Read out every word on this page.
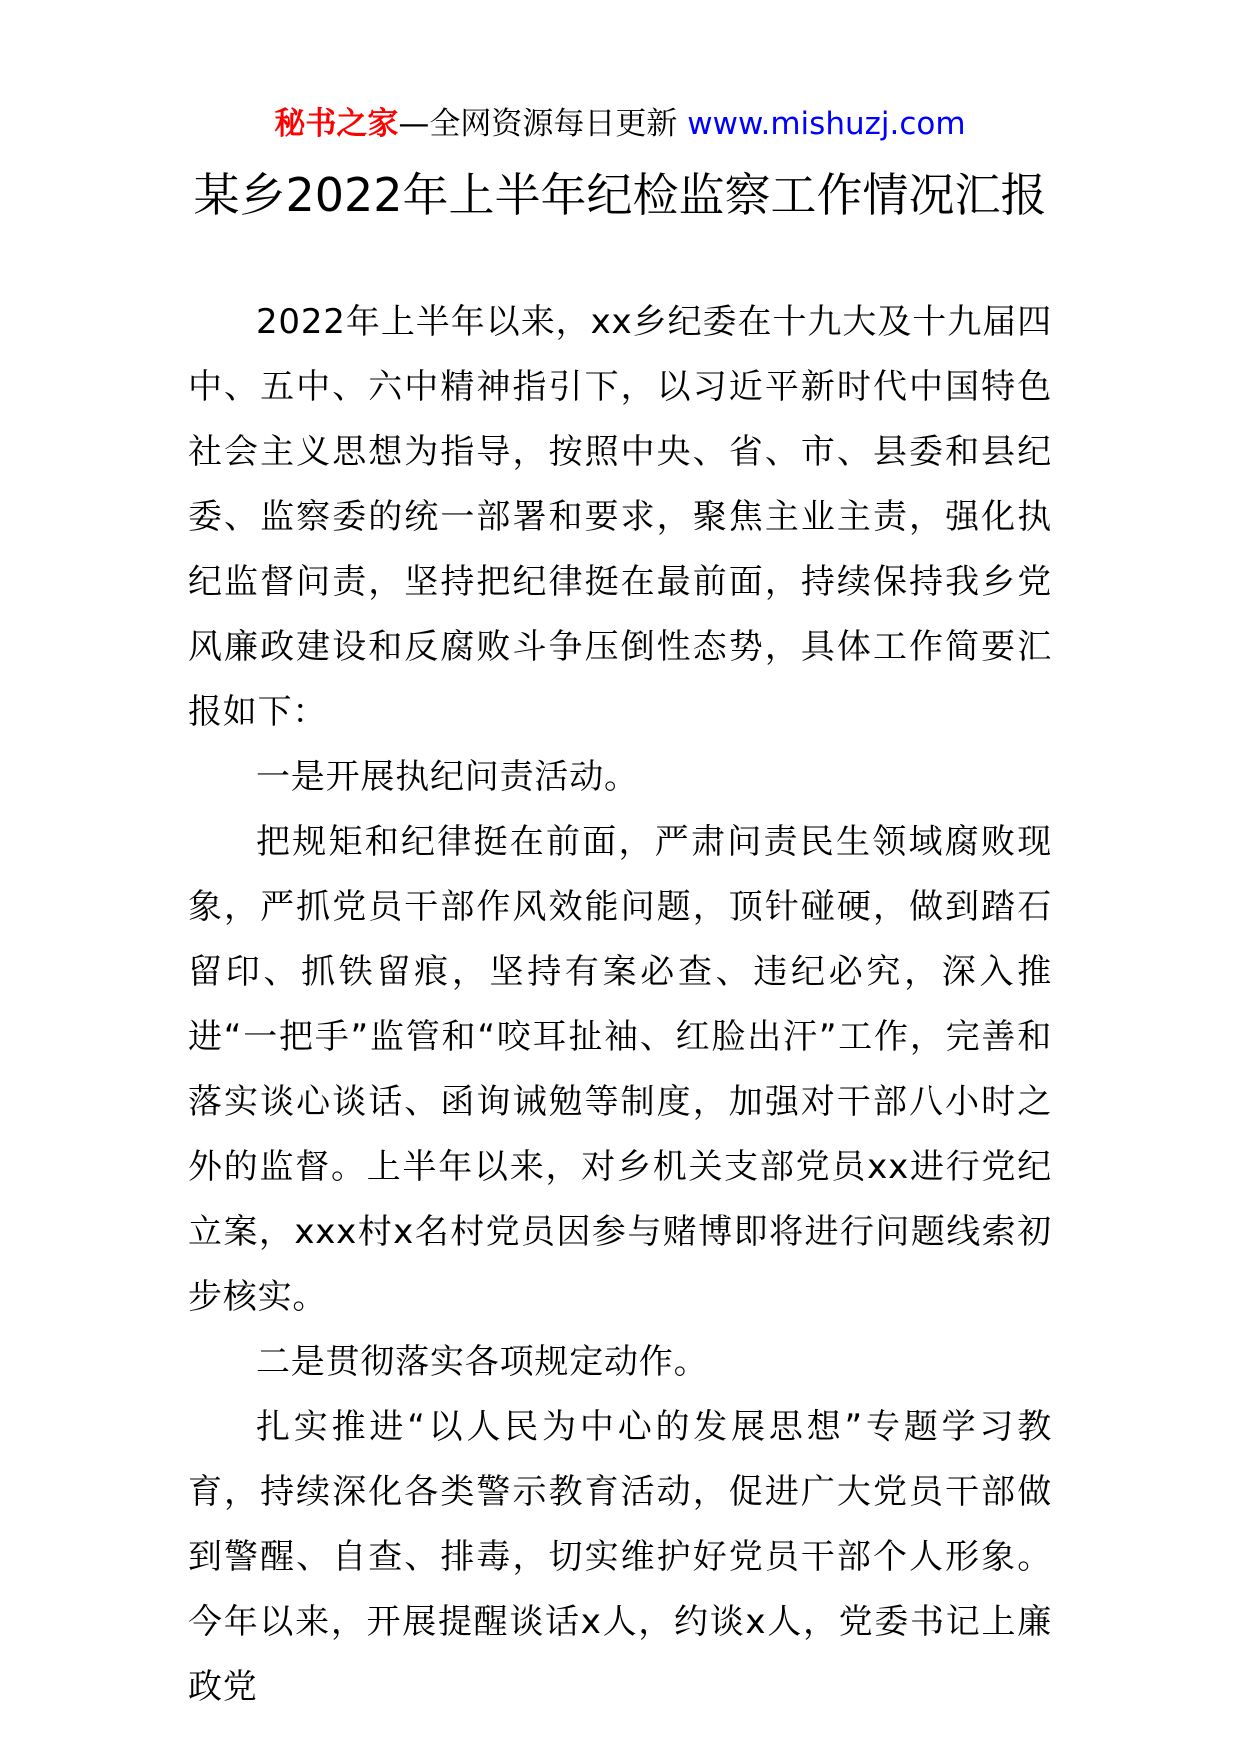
秘书之家—全网资源每日更新 www.mishuzj.com
某乡2022年上半年纪检监察工作情况汇报

2022年上半年以来，xx乡纪委在十九大及十九届四中、五中、六中精神指引下，以习近平新时代中国特色社会主义思想为指导，按照中央、省、市、县委和县纪委、监察委的统一部署和要求，聚焦主业主责，强化执纪监督问责，坚持把纪律挺在最前面，持续保持我乡党风廉政建设和反腐败斗争压倒性态势，具体工作简要汇报如下：

一是开展执纪问责活动。

把规矩和纪律挺在前面，严肃问责民生领域腐败现象，严抓党员干部作风效能问题，顶针碰硬，做到踏石留印、抓铁留痕，坚持有案必查、违纪必究，深入推进“一把手”监管和“咬耳扯袖、红脸出汗”工作，完善和落实谈心谈话、函询诫勉等制度，加强对干部八小时之外的监督。上半年以来，对乡机关支部党员xx进行党纪立案，xxx村x名村党员因参与赌博即将进行问题线索初步核实。

二是贯彻落实各项规定动作。

扎实推进“以人民为中心的发展思想”专题学习教育，持续深化各类警示教育活动，促进广大党员干部做到警醒、自查、排毒，切实维护好党员干部个人形象。今年以来，开展提醒谈话x人，约谈x人，党委书记上廉政党
